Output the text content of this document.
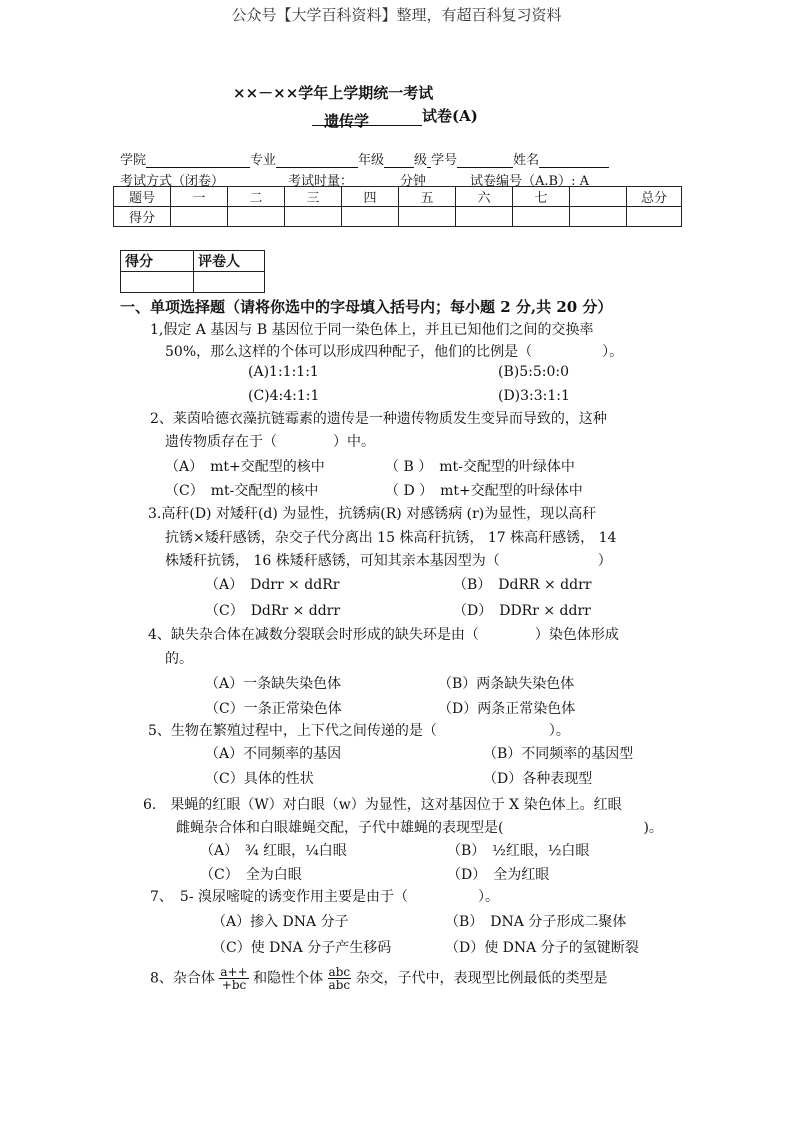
公众号【大学百科资料】整理，有超百科复习资料
××－××学年上学期统一考试
遗传学	试卷(A)
学院	专业	年级 级 学号	姓名
考试方式（闭卷）	考试时量：	分钟	试卷编号（A.B）: A
题号	一	二	三	四	五	六	七		总分
得分									
得分	评卷人

一、单项选择题（请将你选中的字母填入括号内；每小题 2 分,共 20 分）
1,假定 A 基因与 B 基因位于同一染色体上，并且已知他们之间的交换率
50%，那么这样的个体可以形成四种配子，他们的比例是（　　　　　）。
(A)1:1:1:1	(B)5:5:0:0
(C)4:4:1:1	(D)3:3:1:1
2、莱茵哈德衣藻抗链霉素的遗传是一种遗传物质发生变异而导致的，这种
遗传物质存在于（　　　　）中。
（A）　mt+交配型的核中	（ B ）　mt-交配型的叶绿体中
（C）　mt-交配型的核中	（ D ）　mt+交配型的叶绿体中
3.高秆(D) 对矮秆(d) 为显性，抗锈病(R) 对感锈病 (r)为显性，现以高秆
抗锈×矮秆感锈，杂交子代分离出 15 株高秆抗锈， 17 株高秆感锈， 14
株矮秆抗锈， 16 株矮秆感锈，可知其亲本基因型为（　　　　　　　）
（A）　Ddrr × ddRr	（B）　DdRR × ddrr
（C）　DdRr × ddrr	（D）　DDRr × ddrr
4、缺失杂合体在减数分裂联会时形成的缺失环是由（　　　　）染色体形成
的。
（A）一条缺失染色体	（B）两条缺失染色体
（C）一条正常染色体	（D）两条正常染色体
5、生物在繁殖过程中，上下代之间传递的是（　　　　　　　　）。
（A）不同频率的基因	（B）不同频率的基因型
（C）具体的性状	（D）各种表现型
6.　果蝇的红眼（W）对白眼（w）为显性，这对基因位于 X 染色体上。红眼
雌蝇杂合体和白眼雄蝇交配，子代中雄蝇的表现型是(　　　　　　　　　　)。
（A）　¾ 红眼，¼白眼	（B）　½红眼，½白眼
（C）　全为白眼	（D）　全为红眼
7、　5- 溴尿嘧啶的诱变作用主要是由于（　　　　　）。
（A）掺入 DNA 分子	（B）　DNA 分子形成二聚体
（C）使 DNA 分子产生移码	（D）使 DNA 分子的氢键断裂
8、杂合体 $\frac{a++}{+bc}$ 和隐性个体 $\frac{\text{abc}}{\text{abc}}$ 杂交，子代中，表现型比例最低的类型是
